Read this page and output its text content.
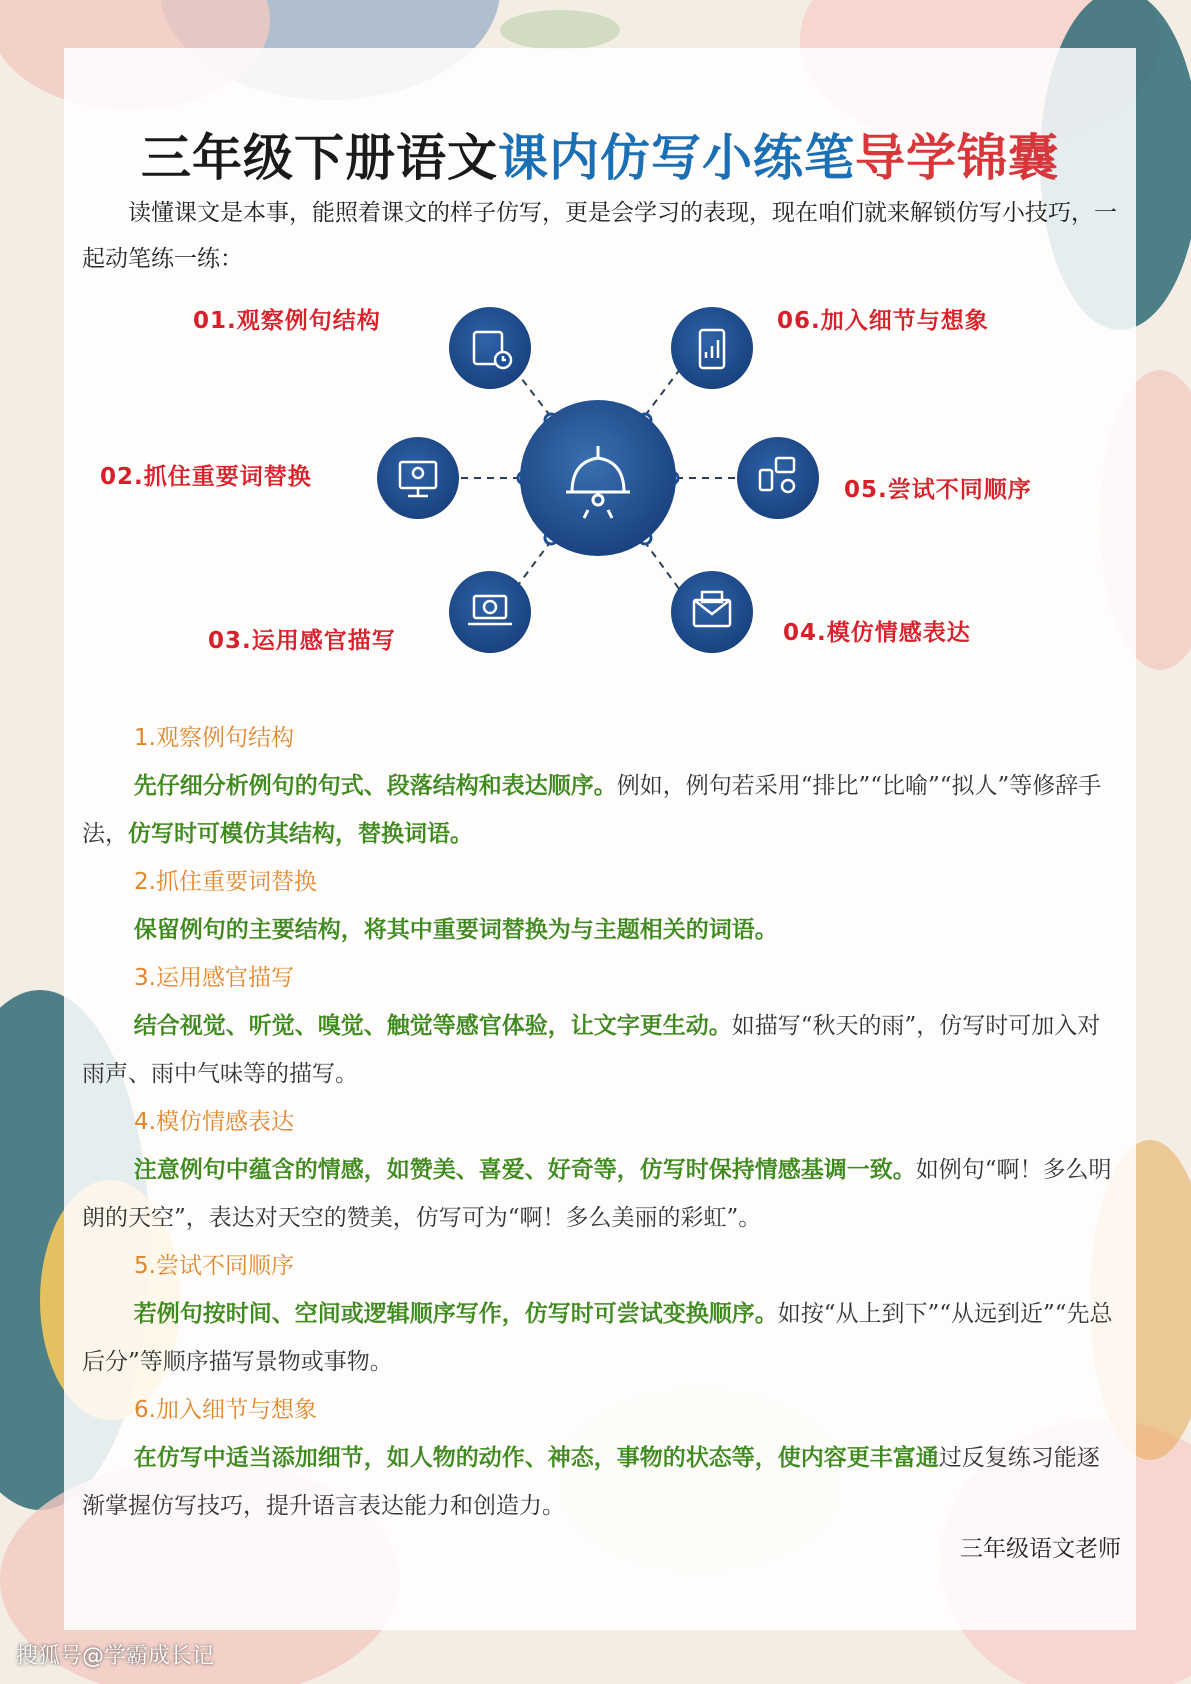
三年级下册语文课内仿写小练笔导学锦囊
读懂课文是本事，能照着课文的样子仿写，更是会学习的表现，现在咱们就来解锁仿写小技巧，一起动笔练一练：
01.观察例句结构
02.抓住重要词替换
03.运用感官描写	04.模仿情感表达
05.尝试不同顺序
06.加入细节与想象
1.观察例句结构

先仔细分析例句的句式、段落结构和表达顺序。例如，例句若采用“排比”“比喻”“拟人”等修辞手法，仿写时可模仿其结构，替换词语。

2.抓住重要词替换

保留例句的主要结构，将其中重要词替换为与主题相关的词语。

3.运用感官描写

结合视觉、听觉、嗅觉、触觉等感官体验，让文字更生动。如描写“秋天的雨”，仿写时可加入对雨声、雨中气味等的描写。

4.模仿情感表达

注意例句中蕴含的情感，如赞美、喜爱、好奇等，仿写时保持情感基调一致。如例句“啊！多么明朗的天空”，表达对天空的赞美，仿写可为“啊！多么美丽的彩虹”。

5.尝试不同顺序

若例句按时间、空间或逻辑顺序写作，仿写时可尝试变换顺序。如按“从上到下”“从远到近”“先总后分”等顺序描写景物或事物。

6.加入细节与想象

在仿写中适当添加细节，如人物的动作、神态，事物的状态等，使内容更丰富通过反复练习能逐渐掌握仿写技巧，提升语言表达能力和创造力。

三年级语文老师
搜狐号@学霸成长记
